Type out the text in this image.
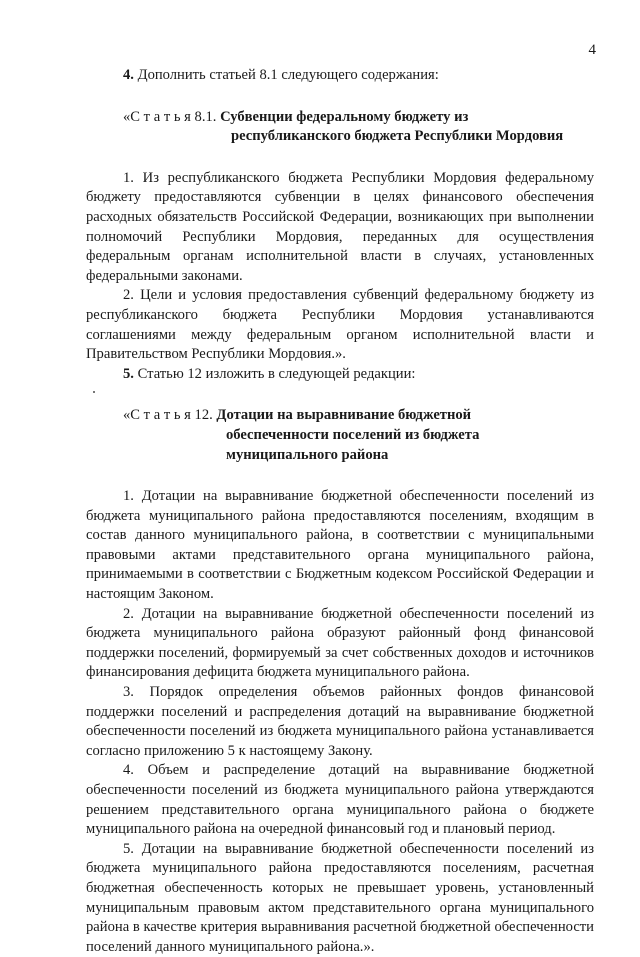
4

4. Дополнить статьей 8.1 следующего содержания:

«С т а т ь я 8.1. Субвенции федеральному бюджету из
республиканского бюджета Республики Мордовия

1. Из республиканского бюджета Республики Мордовия федеральному бюджету предоставляются субвенции в целях финансового обеспечения расходных обязательств Российской Федерации, возникающих при выполнении полномочий Республики Мордовия, переданных для осуществления федеральным органам исполнительной власти в случаях, установленных федеральными законами.

2. Цели и условия предоставления субвенций федеральному бюджету из республиканского бюджета Республики Мордовия устанавливаются соглашениями между федеральным органом исполнительной власти и Правительством Республики Мордовия.».

5. Статью 12 изложить в следующей редакции:

«С т а т ь я 12. Дотации на выравнивание бюджетной
обеспеченности поселений из бюджета
муниципального района

1. Дотации на выравнивание бюджетной обеспеченности поселений из бюджета муниципального района предоставляются поселениям, входящим в состав данного муниципального района, в соответствии с муниципальными правовыми актами представительного органа муниципального района, принимаемыми в соответствии с Бюджетным кодексом Российской Федерации и настоящим Законом.

2. Дотации на выравнивание бюджетной обеспеченности поселений из бюджета муниципального района образуют районный фонд финансовой поддержки поселений, формируемый за счет собственных доходов и источников финансирования дефицита бюджета муниципального района.

3. Порядок определения объемов районных фондов финансовой поддержки поселений и распределения дотаций на выравнивание бюджетной обеспеченности поселений из бюджета муниципального района устанавливается согласно приложению 5 к настоящему Закону.

4. Объем и распределение дотаций на выравнивание бюджетной обеспеченности поселений из бюджета муниципального района утверждаются решением представительного органа муниципального района о бюджете муниципального района на очередной финансовый год и плановый период.

5. Дотации на выравнивание бюджетной обеспеченности поселений из бюджета муниципального района предоставляются поселениям, расчетная бюджетная обеспеченность которых не превышает уровень, установленный муниципальным правовым актом представительного органа муниципального района в качестве критерия выравнивания расчетной бюджетной обеспеченности поселений данного муниципального района.».
